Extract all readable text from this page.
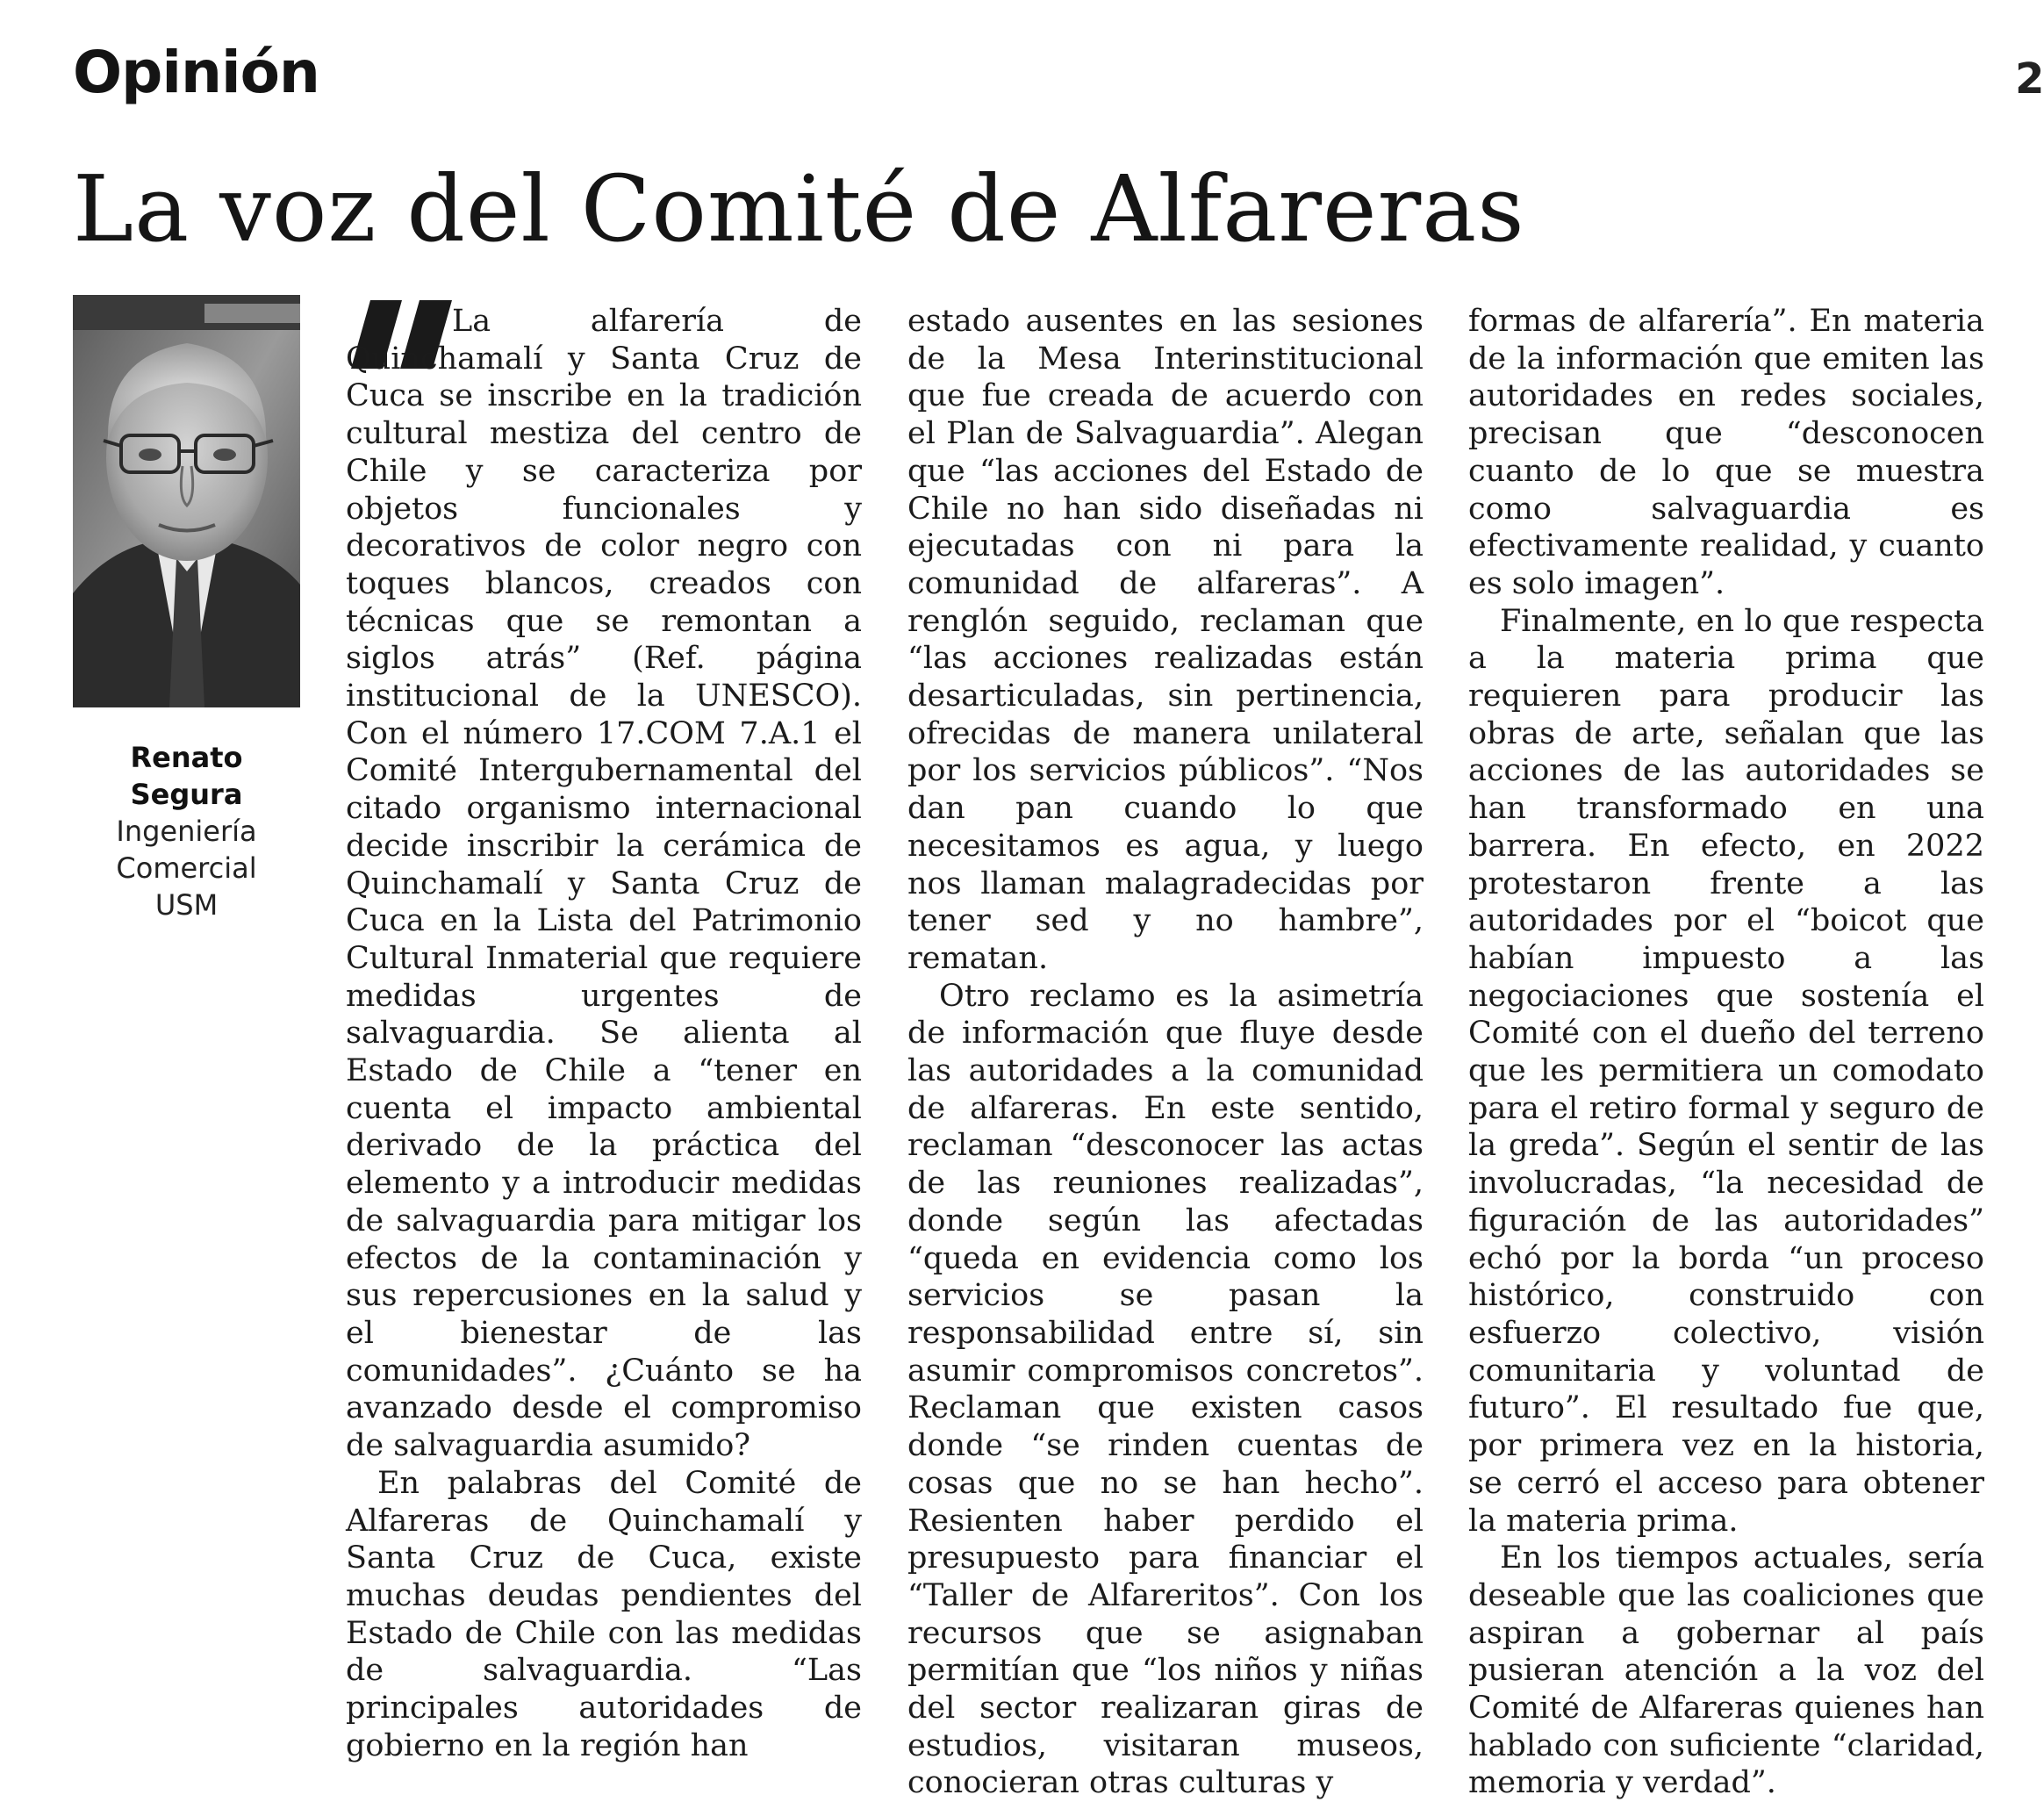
Opinión
La voz del Comité de Alfareras
2
Renato
Segura
Ingeniería
Comercial
USM

La alfarería de Quinchamalí y Santa Cruz de Cuca se inscribe en la tradición cultural mestiza del centro de Chile y se caracteriza por objetos funcionales y decorativos de color negro con toques blancos, creados con técnicas que se remontan a siglos atrás” (Ref. página institucional de la UNESCO). Con el número 17.COM 7.A.1 el Comité Intergubernamental del citado organismo internacional decide inscribir la cerámica de Quinchamalí y Santa Cruz de Cuca en la Lista del Patrimonio Cultural Inmaterial que requiere medidas urgentes de salvaguardia. Se alienta al Estado de Chile a “tener en cuenta el impacto ambiental derivado de la práctica del elemento y a introducir medidas de salvaguardia para mitigar los efectos de la contaminación y sus repercusiones en la salud y el bienestar de las comunidades”. ¿Cuánto se ha avanzado desde el compromiso de salvaguardia asumido?

En palabras del Comité de Alfareras de Quinchamalí y Santa Cruz de Cuca, existe muchas deudas pendientes del Estado de Chile con las medidas de salvaguardia. “Las principales autoridades de gobierno en la región han

estado ausentes en las sesiones de la Mesa Interinstitucional que fue creada de acuerdo con el Plan de Salvaguardia”. Alegan que “las acciones del Estado de Chile no han sido diseñadas ni ejecutadas con ni para la comunidad de alfareras”. A renglón seguido, reclaman que “las acciones realizadas están desarticuladas, sin pertinencia, ofrecidas de manera unilateral por los servicios públicos”. “Nos dan pan cuando lo que necesitamos es agua, y luego nos llaman malagradecidas por tener sed y no hambre”, rematan.

Otro reclamo es la asimetría de información que fluye desde las autoridades a la comunidad de alfareras. En este sentido, reclaman “desconocer las actas de las reuniones realizadas”, donde según las afectadas “queda en evidencia como los servicios se pasan la responsabilidad entre sí, sin asumir compromisos concretos”. Reclaman que existen casos donde “se rinden cuentas de cosas que no se han hecho”. Resienten haber perdido el presupuesto para financiar el “Taller de Alfareritos”. Con los recursos que se asignaban permitían que “los niños y niñas del sector realizaran giras de estudios, visitaran museos, conocieran otras culturas y

formas de alfarería”. En materia de la información que emiten las autoridades en redes sociales, precisan que “desconocen cuanto de lo que se muestra como salvaguardia es efectivamente realidad, y cuanto es solo imagen”.

Finalmente, en lo que respecta a la materia prima que requieren para producir las obras de arte, señalan que las acciones de las autoridades se han transformado en una barrera. En efecto, en 2022 protestaron frente a las autoridades por el “boicot que habían impuesto a las negociaciones que sostenía el Comité con el dueño del terreno que les permitiera un comodato para el retiro formal y seguro de la greda”. Según el sentir de las involucradas, “la necesidad de figuración de las autoridades” echó por la borda “un proceso histórico, construido con esfuerzo colectivo, visión comunitaria y voluntad de futuro”. El resultado fue que, por primera vez en la historia, se cerró el acceso para obtener la materia prima.

En los tiempos actuales, sería deseable que las coaliciones que aspiran a gobernar al país pusieran atención a la voz del Comité de Alfareras quienes han hablado con suficiente “claridad, memoria y verdad”.
